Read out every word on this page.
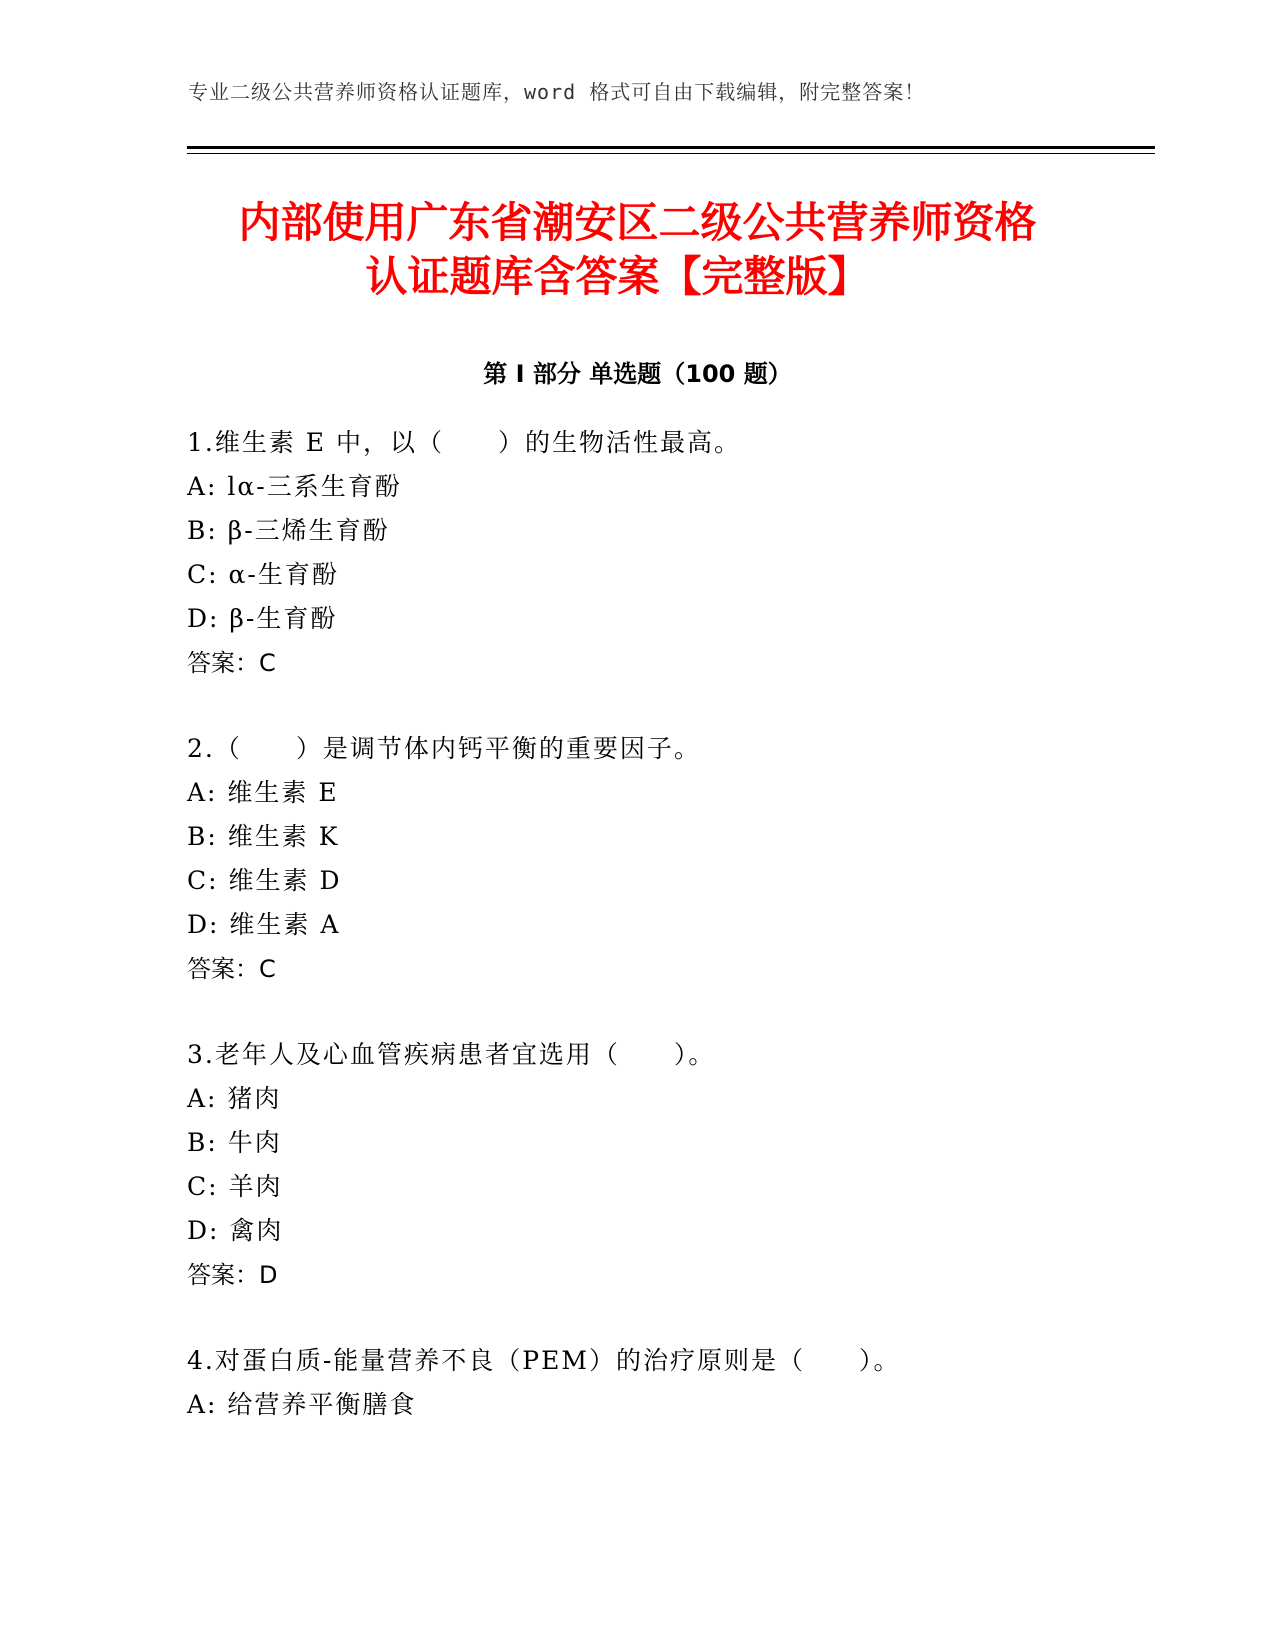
专业二级公共营养师资格认证题库，word 格式可自由下载编辑，附完整答案！
内部使用广东省潮安区二级公共营养师资格
认证题库含答案【完整版】
第 I 部分 单选题（100 题）
1.维生素 E 中，以（　　）的生物活性最高。
A: lα-三系生育酚
B: β-三烯生育酚
C: α-生育酚
D: β-生育酚
答案：C
2.（　　）是调节体内钙平衡的重要因子。
A: 维生素 E
B: 维生素 K
C: 维生素 D
D: 维生素 A
答案：C
3.老年人及心血管疾病患者宜选用（　　）。
A: 猪肉
B: 牛肉
C: 羊肉
D: 禽肉
答案：D
4.对蛋白质-能量营养不良（PEM）的治疗原则是（　　）。
A: 给营养平衡膳食
